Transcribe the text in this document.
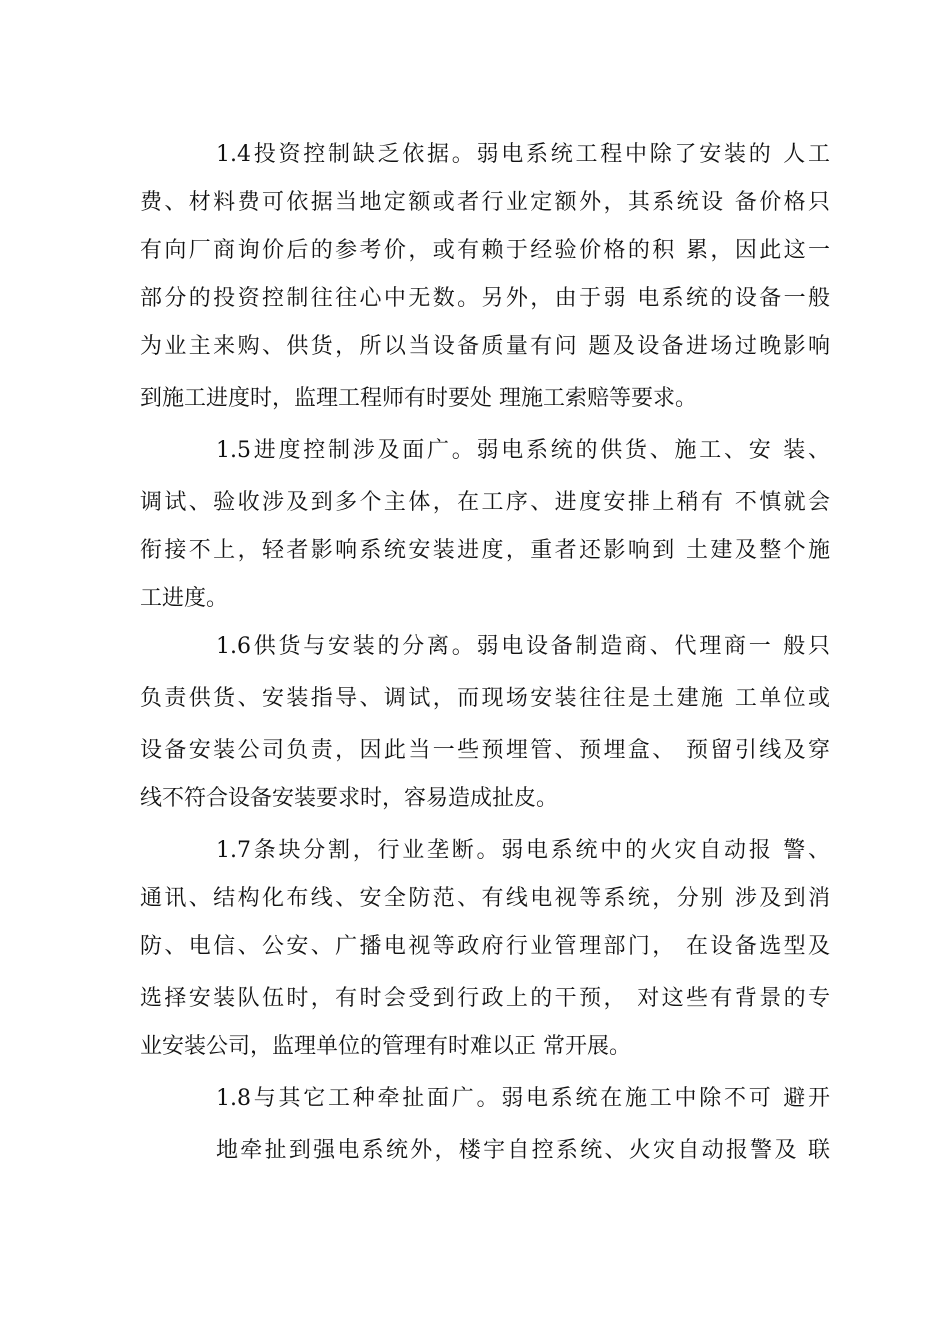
1.4投资控制缺乏依据。弱电系统工程中除了安装的 人工
费、材料费可依据当地定额或者行业定额外，其系统设 备价格只
有向厂商询价后的参考价，或有赖于经验价格的积 累，因此这一
部分的投资控制往往心中无数。另外，由于弱 电系统的设备一般
为业主来购、供货，所以当设备质量有问 题及设备进场过晚影响
到施工进度时，监理工程师有时要处 理施工索赔等要求。
1.5进度控制涉及面广。弱电系统的供货、施工、安 装、
调试、验收涉及到多个主体，在工序、进度安排上稍有 不慎就会
衔接不上，轻者影响系统安装进度，重者还影响到 土建及整个施
工进度。
1.6供货与安装的分离。弱电设备制造商、代理商一 般只
负责供货、安装指导、调试，而现场安装往往是土建施 工单位或
设备安装公司负责，因此当一些预埋管、预埋盒、 预留引线及穿
线不符合设备安装要求时，容易造成扯皮。
1.7条块分割，行业垄断。弱电系统中的火灾自动报 警、
通讯、结构化布线、安全防范、有线电视等系统，分别 涉及到消
防、电信、公安、广播电视等政府行业管理部门， 在设备选型及
选择安装队伍时，有时会受到行政上的干预， 对这些有背景的专
业安装公司，监理单位的管理有时难以正 常开展。
1.8与其它工种牵扯面广。弱电系统在施工中除不可 避开
地牵扯到强电系统外，楼宇自控系统、火灾自动报警及 联
